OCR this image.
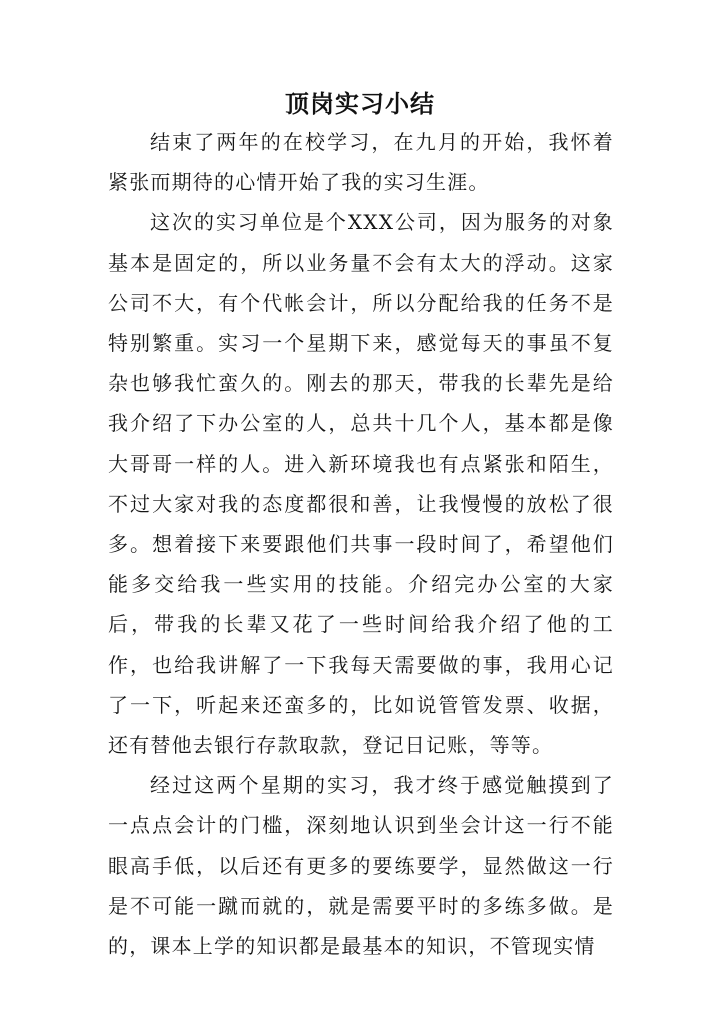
顶岗实习小结

结束了两年的在校学习，在九月的开始，我怀着紧张而期待的心情开始了我的实习生涯。

这次的实习单位是个XXX公司，因为服务的对象基本是固定的，所以业务量不会有太大的浮动。这家公司不大，有个代帐会计，所以分配给我的任务不是特别繁重。实习一个星期下来，感觉每天的事虽不复杂也够我忙蛮久的。刚去的那天，带我的长辈先是给我介绍了下办公室的人，总共十几个人，基本都是像大哥哥一样的人。进入新环境我也有点紧张和陌生，不过大家对我的态度都很和善，让我慢慢的放松了很多。想着接下来要跟他们共事一段时间了，希望他们能多交给我一些实用的技能。介绍完办公室的大家后，带我的长辈又花了一些时间给我介绍了他的工作，也给我讲解了一下我每天需要做的事，我用心记了一下，听起来还蛮多的，比如说管管发票、收据，还有替他去银行存款取款，登记日记账，等等。

经过这两个星期的实习，我才终于感觉触摸到了一点点会计的门槛，深刻地认识到坐会计这一行不能眼高手低，以后还有更多的要练要学，显然做这一行是不可能一蹴而就的，就是需要平时的多练多做。是的，课本上学的知识都是最基本的知识，不管现实情
